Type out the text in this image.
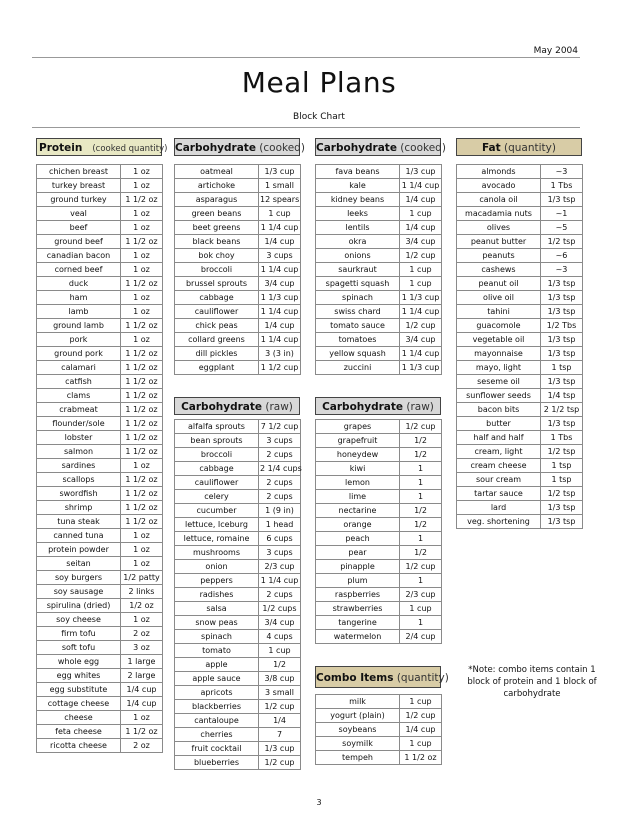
May 2004
Meal Plans
Block Chart
Protein (cooked quantity)
chichen breast	1 oz
turkey breast	1 oz
ground turkey	1 1/2 oz
veal	1 oz
beef	1 oz
ground beef	1 1/2 oz
canadian bacon	1 oz
corned beef	1 oz
duck	1 1/2 oz
ham	1 oz
lamb	1 oz
ground lamb	1 1/2 oz
pork	1 oz
ground pork	1 1/2 oz
calamari	1 1/2 oz
catfish	1 1/2 oz
clams	1 1/2 oz
crabmeat	1 1/2 oz
flounder/sole	1 1/2 oz
lobster	1 1/2 oz
salmon	1 1/2 oz
sardines	1 oz
scallops	1 1/2 oz
swordfish	1 1/2 oz
shrimp	1 1/2 oz
tuna steak	1 1/2 oz
canned tuna	1 oz
protein powder	1 oz
seitan	1 oz
soy burgers	1/2 patty
soy sausage	2 links
spirulina (dried)	1/2 oz
soy cheese	1 oz
firm tofu	2 oz
soft tofu	3 oz
whole egg	1 large
egg whites	2 large
egg substitute	1/4 cup
cottage cheese	1/4 cup
cheese	1 oz
feta cheese	1 1/2 oz
ricotta cheese	2 oz
Carbohydrate (cooked)
oatmeal	1/3 cup
artichoke	1 small
asparagus	12 spears
green beans	1 cup
beet greens	1 1/4 cup
black beans	1/4 cup
bok choy	3 cups
broccoli	1 1/4 cup
brussel sprouts	3/4 cup
cabbage	1 1/3 cup
cauliflower	1 1/4 cup
chick peas	1/4 cup
collard greens	1 1/4 cup
dill pickles	3 (3 in)
eggplant	1 1/2 cup
Carbohydrate (raw)
alfalfa sprouts	7 1/2 cup
bean sprouts	3 cups
broccoli	2 cups
cabbage	2 1/4 cups
cauliflower	2 cups
celery	2 cups
cucumber	1 (9 in)
lettuce, Iceburg	1 head
lettuce, romaine	6 cups
mushrooms	3 cups
onion	2/3 cup
peppers	1 1/4 cup
radishes	2 cups
salsa	1/2 cups
snow peas	3/4 cup
spinach	4 cups
tomato	1 cup
apple	1/2
apple sauce	3/8 cup
apricots	3 small
blackberries	1/2 cup
cantaloupe	1/4
cherries	7
fruit cocktail	1/3 cup
blueberries	1/2 cup
Carbohydrate (cooked)
fava beans	1/3 cup
kale	1 1/4 cup
kidney beans	1/4 cup
leeks	1 cup
lentils	1/4 cup
okra	3/4 cup
onions	1/2 cup
saurkraut	1 cup
spagetti squash	1 cup
spinach	1 1/3 cup
swiss chard	1 1/4 cup
tomato sauce	1/2 cup
tomatoes	3/4 cup
yellow squash	1 1/4 cup
zuccini	1 1/3 cup
Carbohydrate (raw)
grapes	1/2 cup
grapefruit	1/2
honeydew	1/2
kiwi	1
lemon	1
lime	1
nectarine	1/2
orange	1/2
peach	1
pear	1/2
pinapple	1/2 cup
plum	1
raspberries	2/3 cup
strawberries	1 cup
tangerine	1
watermelon	2/4 cup
Combo Items (quantity)
milk	1 cup
yogurt (plain)	1/2 cup
soybeans	1/4 cup
soymilk	1 cup
tempeh	1 1/2 oz
Fat (quantity)
almonds	~3
avocado	1 Tbs
canola oil	1/3 tsp
macadamia nuts	~1
olives	~5
peanut butter	1/2 tsp
peanuts	~6
cashews	~3
peanut oil	1/3 tsp
olive oil	1/3 tsp
tahini	1/3 tsp
guacomole	1/2 Tbs
vegetable oil	1/3 tsp
mayonnaise	1/3 tsp
mayo, light	1 tsp
seseme oil	1/3 tsp
sunflower seeds	1/4 tsp
bacon bits	2 1/2 tsp
butter	1/3 tsp
half and half	1 Tbs
cream, light	1/2 tsp
cream cheese	1 tsp
sour cream	1 tsp
tartar sauce	1/2 tsp
lard	1/3 tsp
veg. shortening	1/3 tsp
*Note: combo items contain 1 block of protein and 1 block of carbohydrate
3
